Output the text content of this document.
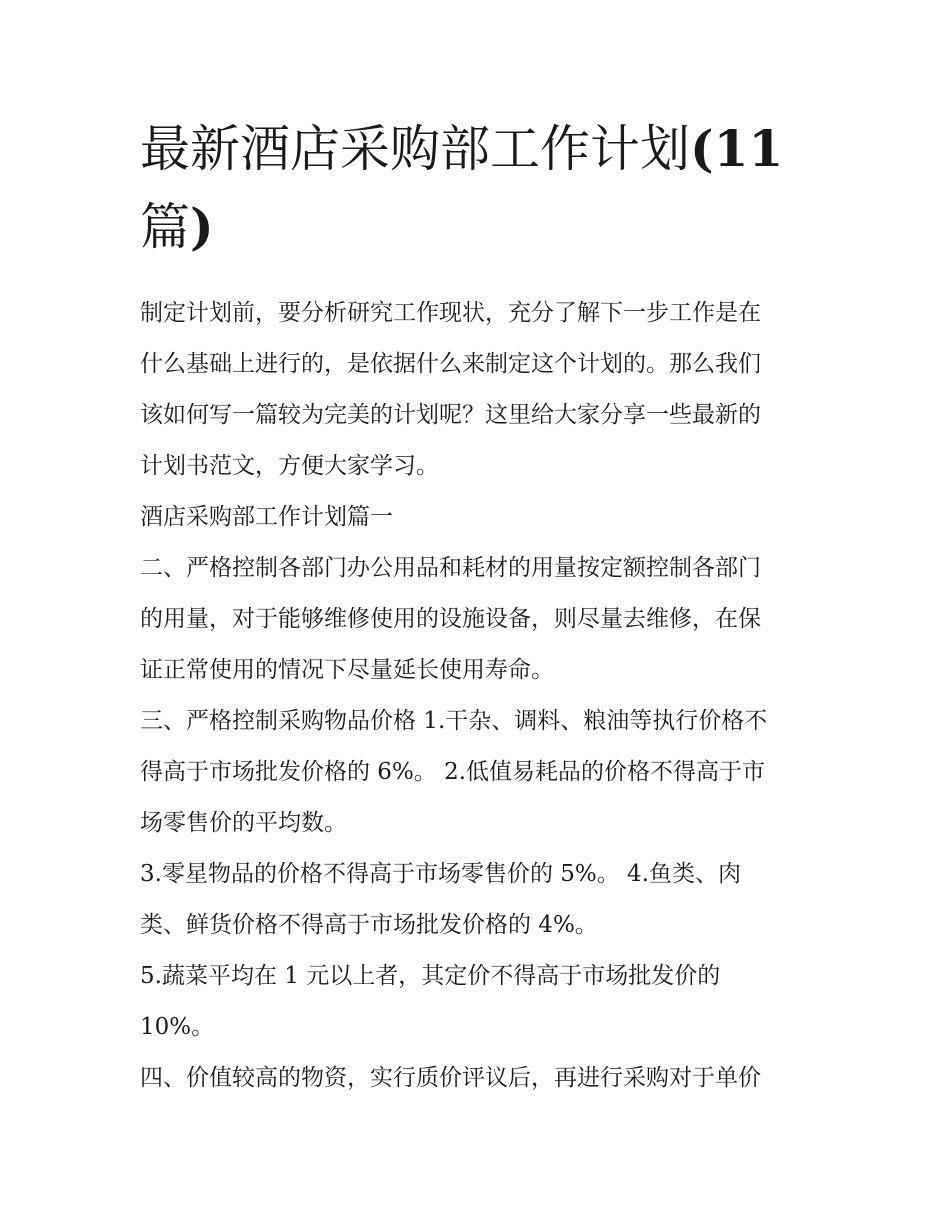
最新酒店采购部工作计划(11
篇)

制定计划前，要分析研究工作现状，充分了解下一步工作是在
什么基础上进行的，是依据什么来制定这个计划的。那么我们
该如何写一篇较为完美的计划呢？这里给大家分享一些最新的
计划书范文，方便大家学习。

酒店采购部工作计划篇一

二、严格控制各部门办公用品和耗材的用量按定额控制各部门
的用量，对于能够维修使用的设施设备，则尽量去维修，在保
证正常使用的情况下尽量延长使用寿命。

三、严格控制采购物品价格 1.干杂、调料、粮油等执行价格不
得高于市场批发价格的 6%。 2.低值易耗品的价格不得高于市
场零售价的平均数。

3.零星物品的价格不得高于市场零售价的 5%。 4.鱼类、肉
类、鲜货价格不得高于市场批发价格的 4%。

5.蔬菜平均在 1 元以上者，其定价不得高于市场批发价的
10%。

四、价值较高的物资，实行质价评议后，再进行采购对于单价
